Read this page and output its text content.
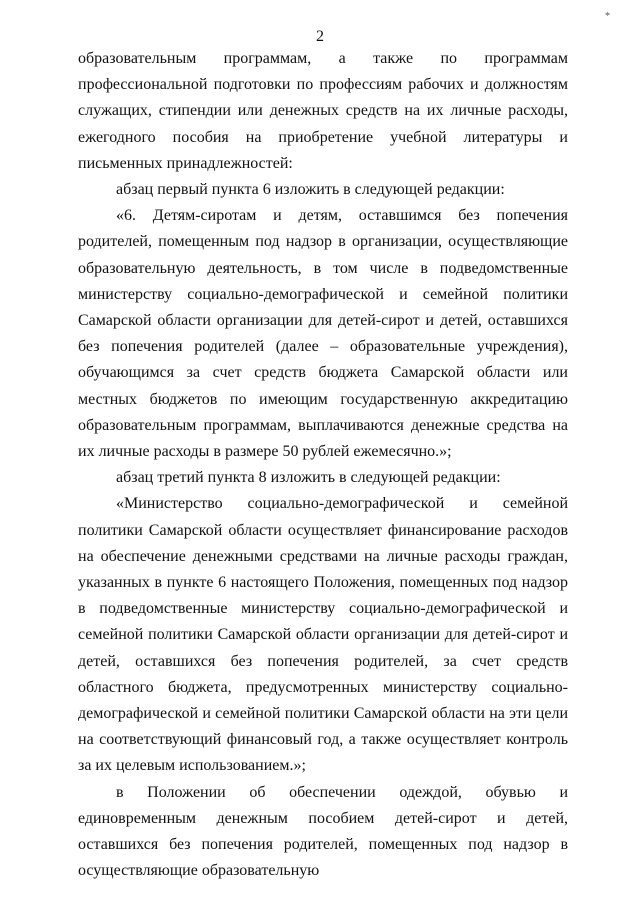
*
2

образовательным программам, а также по программам профессиональной подготовки по профессиям рабочих и должностям служащих, стипендии или денежных средств на их личные расходы, ежегодного пособия на приобретение учебной литературы и письменных принадлежностей:

абзац первый пункта 6 изложить в следующей редакции:

«6. Детям-сиротам и детям, оставшимся без попечения родителей, помещенным под надзор в организации, осуществляющие образовательную деятельность, в том числе в подведомственные министерству социально-демографической и семейной политики Самарской области организации для детей-сирот и детей, оставшихся без попечения родителей (далее – образовательные учреждения), обучающимся за счет средств бюджета Самарской области или местных бюджетов по имеющим государственную аккредитацию образовательным программам, выплачиваются денежные средства на их личные расходы в размере 50 рублей ежемесячно.»;

абзац третий пункта 8 изложить в следующей редакции:

«Министерство социально-демографической и семейной политики Самарской области осуществляет финансирование расходов на обеспечение денежными средствами на личные расходы граждан, указанных в пункте 6 настоящего Положения, помещенных под надзор в подведомственные министерству социально-демографической и семейной политики Самарской области организации для детей-сирот и детей, оставшихся без попечения родителей, за счет средств областного бюджета, предусмотренных министерству социально-демографической и семейной политики Самарской области на эти цели на соответствующий финансовый год, а также осуществляет контроль за их целевым использованием.»;

в Положении об обеспечении одеждой, обувью и единовременным денежным пособием детей-сирот и детей, оставшихся без попечения родителей, помещенных под надзор в осуществляющие образовательную
